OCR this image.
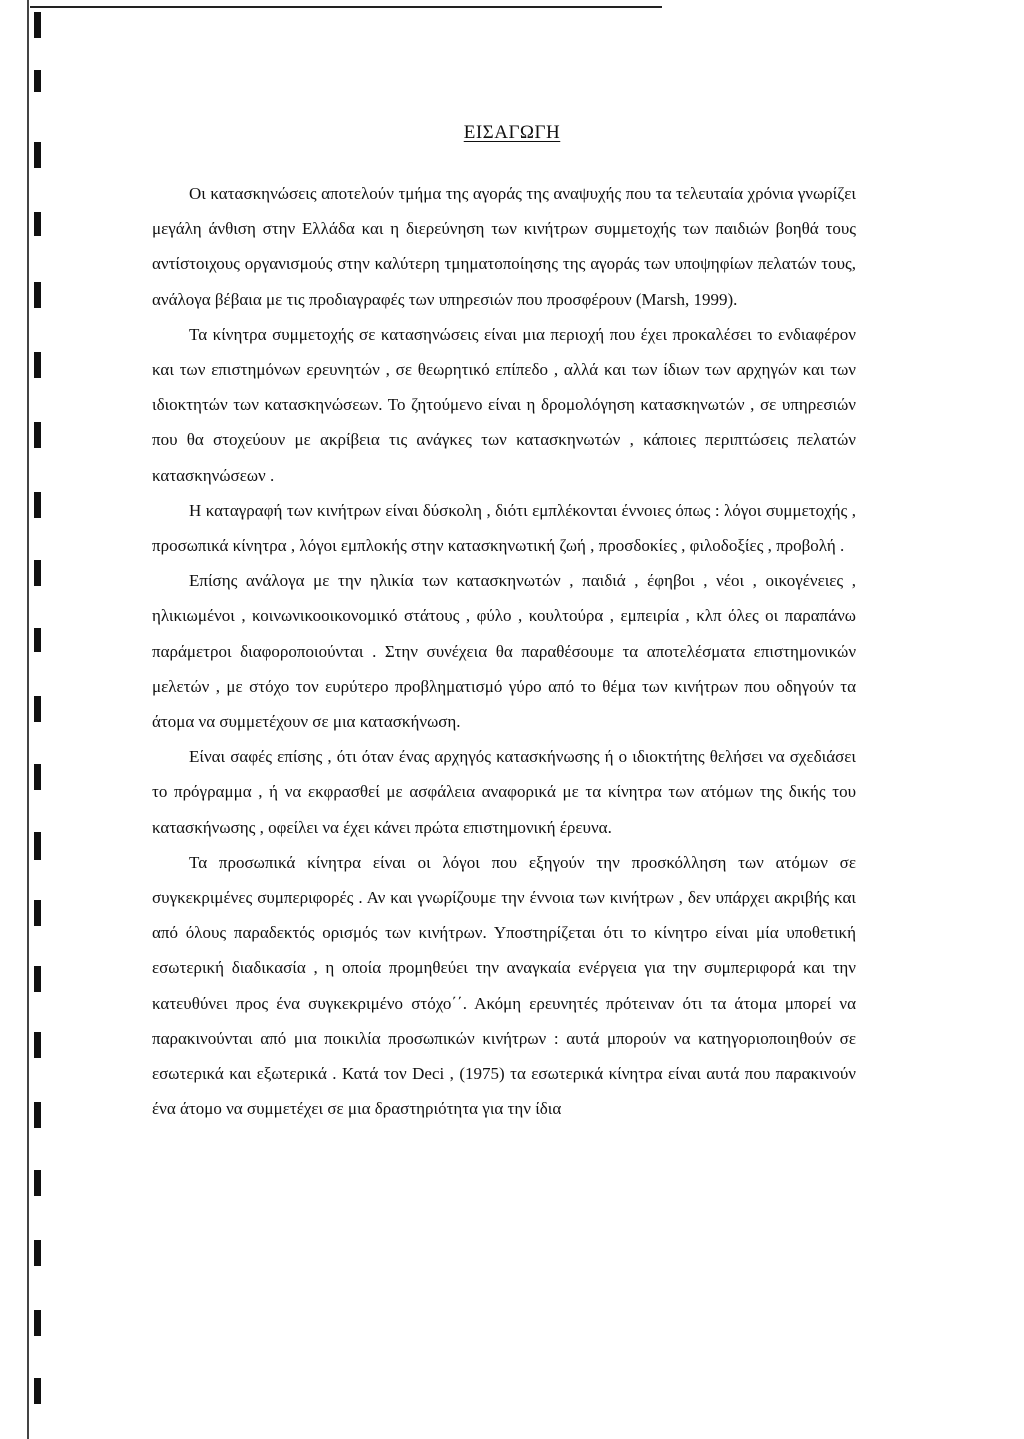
ΕΙΣΑΓΩΓΗ

Οι κατασκηνώσεις αποτελούν τμήμα της αγοράς της αναψυχής που τα τελευταία χρόνια γνωρίζει μεγάλη άνθιση στην Ελλάδα και η διερεύνηση των κινήτρων συμμετοχής των παιδιών βοηθά τους αντίστοιχους οργανισμούς στην καλύτερη τμηματοποίησης της αγοράς των υποψηφίων πελατών τους, ανάλογα βέβαια με τις προδιαγραφές των υπηρεσιών που προσφέρουν (Marsh, 1999).

Τα κίνητρα συμμετοχής σε κατασηνώσεις είναι μια περιοχή που έχει προκαλέσει το ενδιαφέρον και των επιστημόνων ερευνητών , σε θεωρητικό επίπεδο , αλλά και των ίδιων των αρχηγών και των ιδιοκτητών των κατασκηνώσεων. Το ζητούμενο είναι η δρομολόγηση κατασκηνωτών , σε υπηρεσιών που θα στοχεύουν με ακρίβεια τις ανάγκες των κατασκηνωτών , κάποιες περιπτώσεις πελατών κατασκηνώσεων .

Η καταγραφή των κινήτρων είναι δύσκολη , διότι εμπλέκονται έννοιες όπως : λόγοι συμμετοχής , προσωπικά κίνητρα , λόγοι εμπλοκής στην κατασκηνωτική ζωή , προσδοκίες , φιλοδοξίες , προβολή .

Επίσης ανάλογα με την ηλικία των κατασκηνωτών , παιδιά , έφηβοι , νέοι , οικογένειες , ηλικιωμένοι , κοινωνικοοικονομικό στάτους , φύλο , κουλτούρα , εμπειρία , κλπ όλες οι παραπάνω παράμετροι διαφοροποιούνται . Στην συνέχεια θα παραθέσουμε τα αποτελέσματα επιστημονικών μελετών , με στόχο τον ευρύτερο προβληματισμό γύρο από το θέμα των κινήτρων που οδηγούν τα άτομα να συμμετέχουν σε μια κατασκήνωση.

Είναι σαφές επίσης , ότι όταν ένας αρχηγός κατασκήνωσης ή ο ιδιοκτήτης θελήσει να σχεδιάσει το πρόγραμμα , ή να εκφρασθεί με ασφάλεια αναφορικά με τα κίνητρα των ατόμων της δικής του κατασκήνωσης , οφείλει να έχει κάνει πρώτα επιστημονική έρευνα.

Τα προσωπικά κίνητρα είναι οι λόγοι που εξηγούν την προσκόλληση των ατόμων σε συγκεκριμένες συμπεριφορές . Αν και γνωρίζουμε την έννοια των κινήτρων , δεν υπάρχει ακριβής και από όλους παραδεκτός ορισμός των κινήτρων. Υποστηρίζεται ότι το κίνητρο είναι μία υποθετική εσωτερική διαδικασία , η οποία προμηθεύει την αναγκαία ενέργεια για την συμπεριφορά και την κατευθύνει προς ένα συγκεκριμένο στόχο΄΄. Ακόμη ερευνητές πρότειναν ότι τα άτομα μπορεί να παρακινούνται από μια ποικιλία προσωπικών κινήτρων : αυτά μπορούν να κατηγοριοποιηθούν σε εσωτερικά και εξωτερικά . Κατά τον Deci , (1975) τα εσωτερικά κίνητρα είναι αυτά που παρακινούν ένα άτομο να συμμετέχει σε μια δραστηριότητα για την ίδια
